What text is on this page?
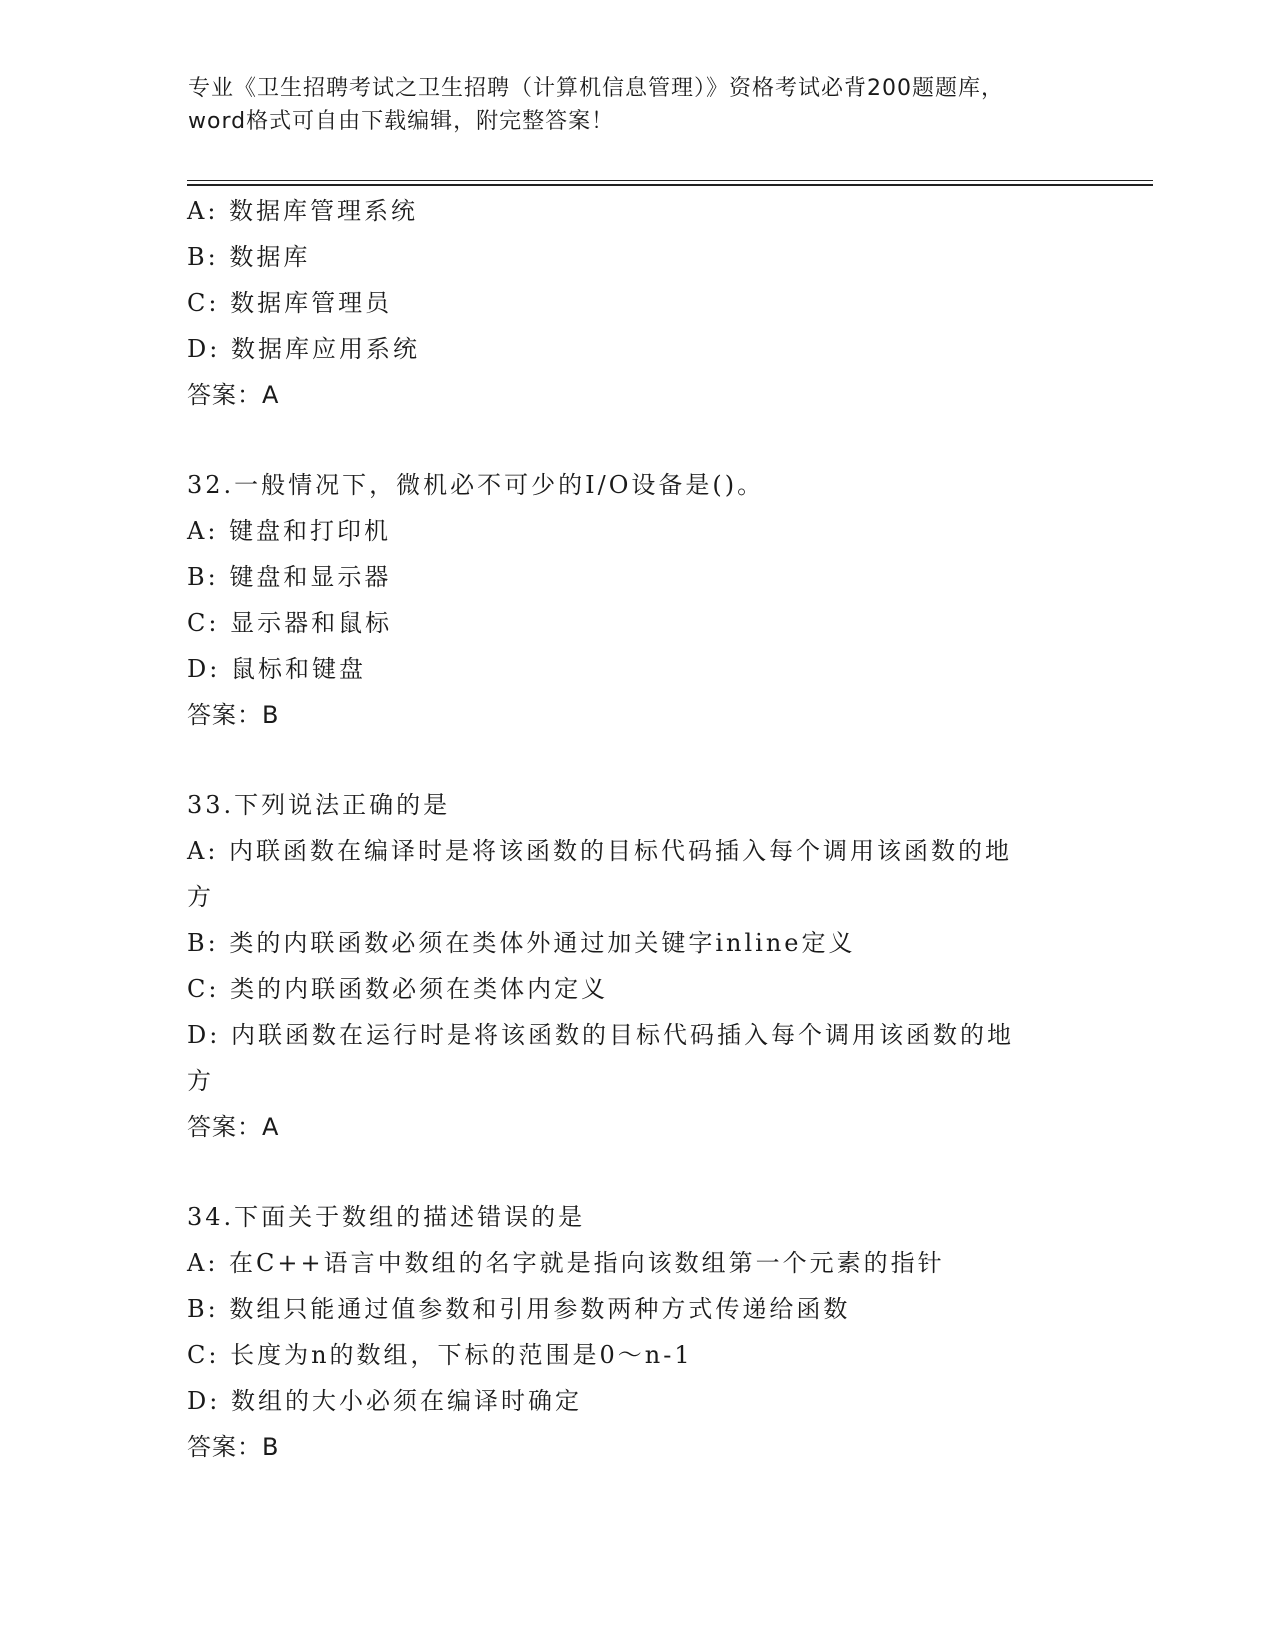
专业《卫生招聘考试之卫生招聘（计算机信息管理）》资格考试必背200题题库，
word格式可自由下载编辑，附完整答案！
A: 数据库管理系统
B: 数据库
C: 数据库管理员
D: 数据库应用系统
答案：A
32.一般情况下，微机必不可少的I/O设备是()。
A: 键盘和打印机
B: 键盘和显示器
C: 显示器和鼠标
D: 鼠标和键盘
答案：B
33.下列说法正确的是
A: 内联函数在编译时是将该函数的目标代码插入每个调用该函数的地
方
B: 类的内联函数必须在类体外通过加关键字inline定义
C: 类的内联函数必须在类体内定义
D: 内联函数在运行时是将该函数的目标代码插入每个调用该函数的地
方
答案：A
34.下面关于数组的描述错误的是
A: 在C++语言中数组的名字就是指向该数组第一个元素的指针
B: 数组只能通过值参数和引用参数两种方式传递给函数
C: 长度为n的数组，下标的范围是0～n-1
D: 数组的大小必须在编译时确定
答案：B
